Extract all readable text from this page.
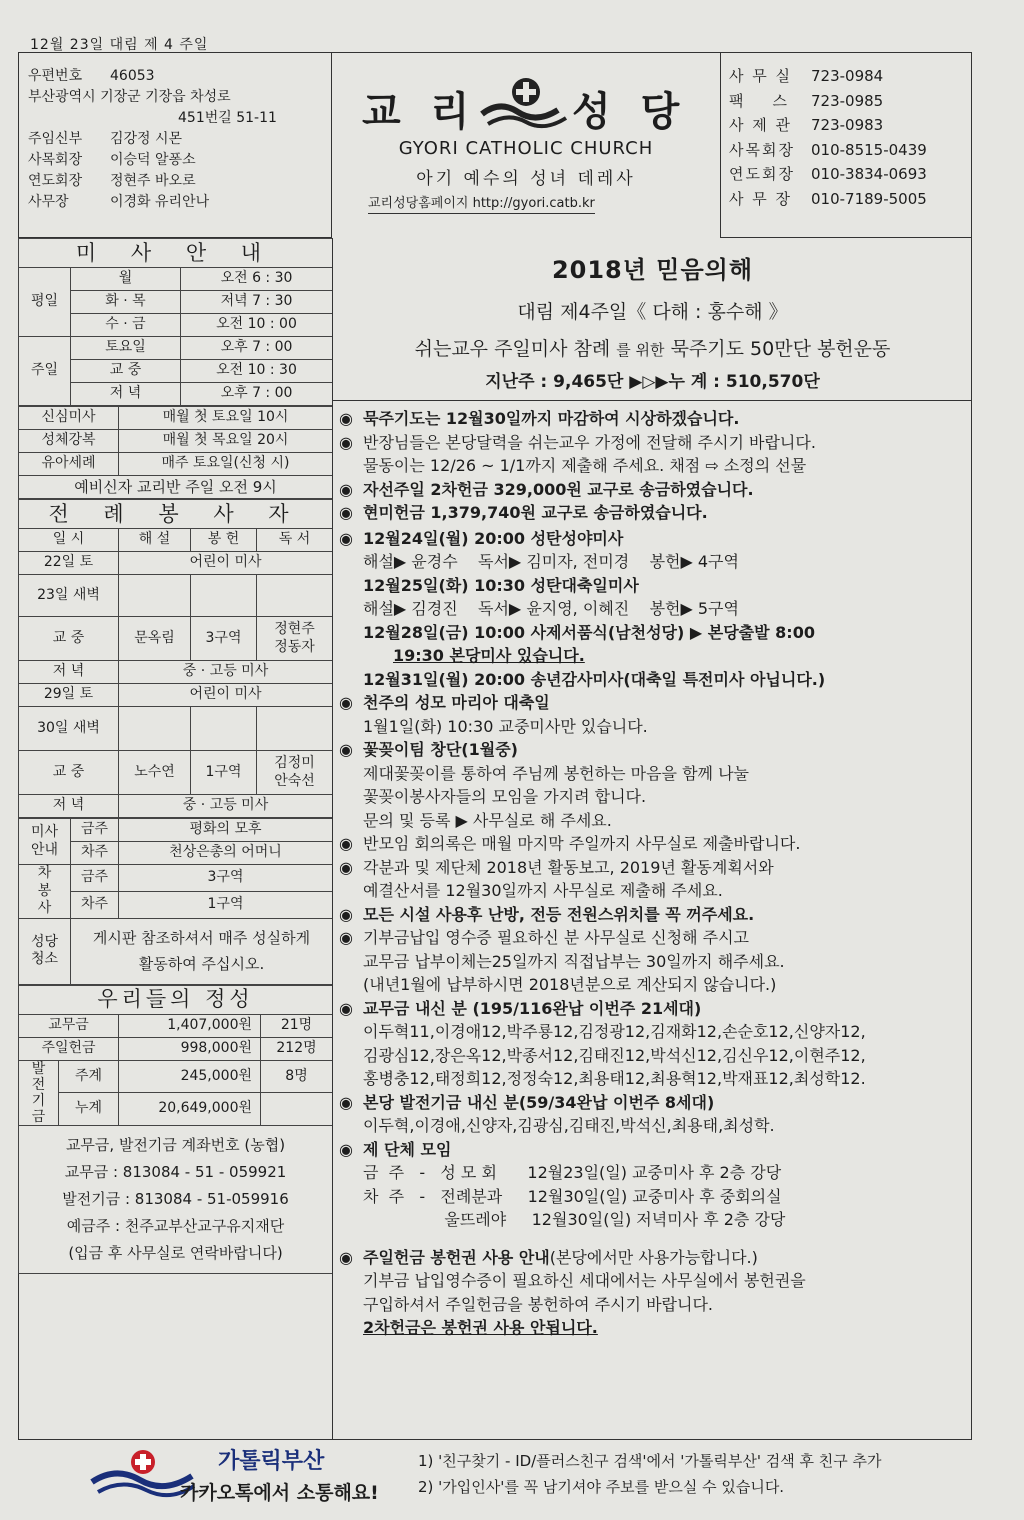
12월 23일 대림 제 4 주일
우편번호	46053
부산광역시 기장군 기장읍 차성로
451번길 51-11
주임신부	김강정 시몬
사목회장	이승덕 알퐁소
연도회장	정현주 바오로
사무장	이경화 유리안나
교 리 성 당
GYORI CATHOLIC CHURCH
아기 예수의 성녀 데레사
교리성당홈페이지 http://gyori.catb.kr
사 무 실	723-0984
팩    스	723-0985
사 제 관	723-0983
사목회장	010-8515-0439
연도회장	010-3834-0693
사 무 장	010-7189-5005
미 사 안 내		
평일	월	오전 6 : 30
	화 · 목	저녁 7 : 30
	수 · 금	오전 10 : 00
주일	토요일	오후 7 : 00
	교 중	오전 10 : 30
	저 녁	오후 7 : 00
신심미사	매월 첫 토요일 10시
성체강복	매월 첫 목요일 20시
유아세례	매주 토요일(신청 시)
예비신자 교리반 주일 오전 9시	
전 례 봉 사 자			
일 시	해 설	봉 헌	독 서
22일 토	어린이 미사		
23일 새벽			
교 중	문옥림	3구역	정현주
정동자

저 녁	중 · 고등 미사		
29일 토	어린이 미사		
30일 새벽			
교 중	노수연	1구역	김정미
안숙선

저 녁	중 · 고등 미사		
미사안내	금주	평화의 모후
	차주	천상은총의 어머니
차봉사	금주	3구역
	차주	1구역
성당청소	게시판 참조하셔서 매주 성실하게 활동하여 주십시오.	
우리들의 정성			
교무금		1,407,000원	21명
주일헌금		998,000원	212명
발전기금	주계	245,000원	8명
	누계	20,649,000원	

교무금, 발전기금 계좌번호 (농협)
교무금 : 813084 - 51 - 059921
발전기금 : 813084 - 51-059916
예금주 : 천주교부산교구유지재단
(입금 후 사무실로 연락바랍니다)			
2018년 믿음의해
대림 제4주일《 다해 : 홍수해 》
쉬는교우 주일미사 참례 를 위한 묵주기도 50만단 봉헌운동
지난주 : 9,465단 ▶▷▶누 계 : 510,570단
◉ 묵주기도는 12월30일까지 마감하여 시상하겠습니다.
◉ 반장님들은 본당달력을 쉬는교우 가정에 전달해 주시기 바랍니다.
물동이는 12/26 ~ 1/1까지 제출해 주세요. 채점 ⇨ 소정의 선물
◉ 자선주일 2차헌금 329,000원 교구로 송금하였습니다.
◉ 현미헌금 1,379,740원 교구로 송금하였습니다.
◉ 12월24일(월) 20:00 성탄성야미사
해설▶ 윤경수    독서▶ 김미자, 전미경    봉헌▶ 4구역
12월25일(화) 10:30 성탄대축일미사
해설▶ 김경진    독서▶ 윤지영, 이혜진    봉헌▶ 5구역
12월28일(금) 10:00 사제서품식(남천성당) ▶ 본당출발 8:00
19:30 본당미사 있습니다.
12월31일(월) 20:00 송년감사미사(대축일 특전미사 아닙니다.)
◉ 천주의 성모 마리아 대축일
1월1일(화) 10:30 교중미사만 있습니다.
◉ 꽃꽂이팀 창단(1월중)
제대꽃꽂이를 통하여 주님께 봉헌하는 마음을 함께 나눌
꽃꽂이봉사자들의 모임을 가지려 합니다.
문의 및 등록 ▶ 사무실로 해 주세요.
◉ 반모임 회의록은 매월 마지막 주일까지 사무실로 제출바랍니다.
◉ 각분과 및 제단체 2018년 활동보고, 2019년 활동계획서와
예결산서를 12월30일까지 사무실로 제출해 주세요.
◉ 모든 시설 사용후 난방, 전등 전원스위치를 꼭 꺼주세요.
◉ 기부금납입 영수증 필요하신 분 사무실로 신청해 주시고
교무금 납부이체는25일까지 직접납부는 30일까지 해주세요.
(내년1월에 납부하시면 2018년분으로 계산되지 않습니다.)
◉ 교무금 내신 분 (195/116완납 이번주 21세대)
이두혁11,이경애12,박주룡12,김정광12,김재화12,손순호12,신양자12,
김광심12,장은옥12,박종서12,김태진12,박석신12,김신우12,이현주12,
홍병충12,태정희12,정정숙12,최용태12,최용혁12,박재표12,최성학12.
◉ 본당 발전기금 내신 분(59/34완납 이번주 8세대)
이두혁,이경애,신양자,김광심,김태진,박석신,최용태,최성학.
◉ 제 단체 모임
금  주   -   성 모 회      12월23일(일) 교중미사 후 2층 강당
차  주   -   전례분과     12월30일(일) 교중미사 후 중회의실
울뜨레야     12월30일(일) 저녁미사 후 2층 강당
◉ 주일헌금 봉헌권 사용 안내 (본당에서만 사용가능합니다.)
기부금 납입영수증이 필요하신 세대에서는 사무실에서 봉헌권을
구입하셔서 주일헌금을 봉헌하여 주시기 바랍니다.
2차헌금은 봉헌권 사용 안됩니다.
가톨릭부산
카카오톡에서 소통해요!
1) '친구찾기 - ID/플러스친구 검색'에서 '가톨릭부산' 검색 후 친구 추가
2) '가입인사'를 꼭 남기셔야 주보를 받으실 수 있습니다.
